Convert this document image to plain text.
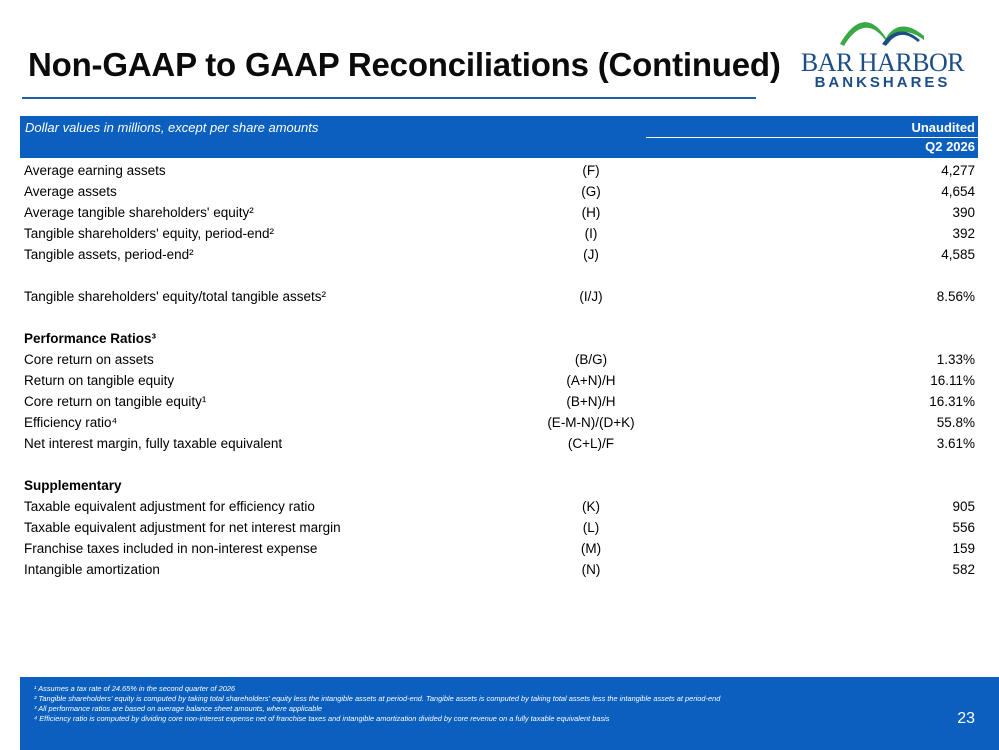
Non-GAAP to GAAP Reconciliations (Continued) BAR HARBOR
BANKSHARES
Dollar values in millions, except per share amounts	Unaudited
Q2 2026
Average earning assets	(F)	4,277
Average assets	(G)	4,654
Average tangible shareholders' equity²	(H)	390
Tangible shareholders' equity, period-end²	(I)	392
Tangible assets, period-end²	(J)	4,585
Tangible shareholders' equity/total tangible assets²	(I/J)	8.56%
Performance Ratios³
Core return on assets	(B/G)	1.33%
Return on tangible equity	(A+N)/H	16.11%
Core return on tangible equity¹	(B+N)/H	16.31%
Efficiency ratio⁴	(E-M-N)/(D+K)	55.8%
Net interest margin, fully taxable equivalent	(C+L)/F	3.61%
Supplementary
Taxable equivalent adjustment for efficiency ratio	(K)	905
Taxable equivalent adjustment for net interest margin	(L)	556
Franchise taxes included in non-interest expense	(M)	159
Intangible amortization	(N)	582
¹ Assumes a tax rate of 24.65% in the second quarter of 2026
² Tangible shareholders' equity is computed by taking total shareholders' equity less the intangible assets at period-end. Tangible assets is computed by taking total assets less the intangible assets at period-end
³ All performance ratios are based on average balance sheet amounts, where applicable
⁴ Efficiency ratio is computed by dividing core non-interest expense net of franchise taxes and intangible amortization divided by core revenue on a fully taxable equivalent basis	23
